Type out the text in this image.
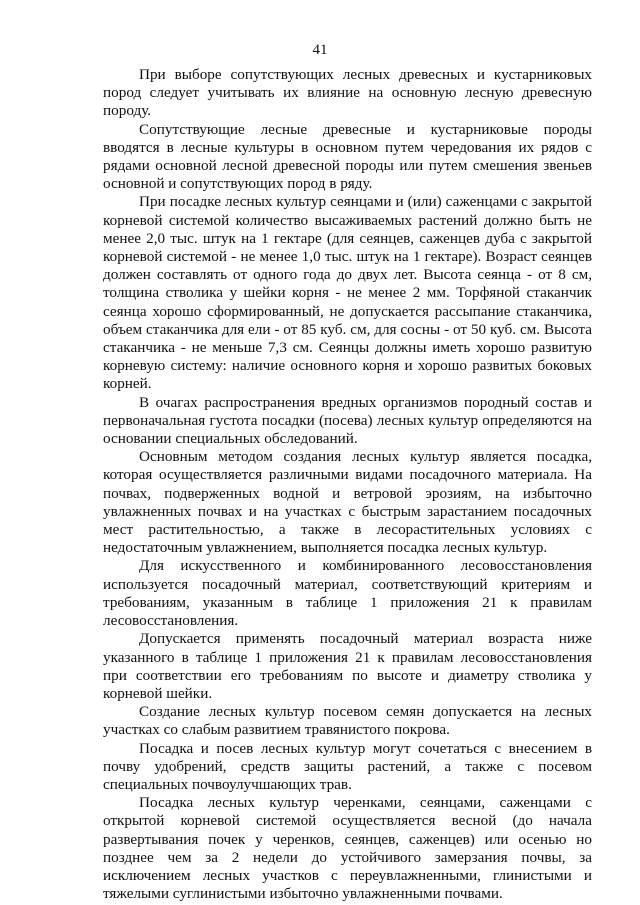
41

При выборе сопутствующих лесных древесных и кустарниковых пород следует учитывать их влияние на основную лесную древесную породу.

Сопутствующие лесные древесные и кустарниковые породы вводятся в лесные культуры в основном путем чередования их рядов с рядами основной лесной древесной породы или путем смешения звеньев основной и сопутствующих пород в ряду.

При посадке лесных культур сеянцами и (или) саженцами с закрытой корневой системой количество высаживаемых растений должно быть не менее 2,0 тыс. штук на 1 гектаре (для сеянцев, саженцев дуба с закрытой корневой системой - не менее 1,0 тыс. штук на 1 гектаре). Возраст сеянцев должен составлять от одного года до двух лет. Высота сеянца - от 8 см, толщина стволика у шейки корня - не менее 2 мм. Торфяной стаканчик сеянца хорошо сформированный, не допускается рассыпание стаканчика, объем стаканчика для ели - от 85 куб. см, для сосны - от 50 куб. см. Высота стаканчика - не меньше 7,3 см. Сеянцы должны иметь хорошо развитую корневую систему: наличие основного корня и хорошо развитых боковых корней.

В очагах распространения вредных организмов породный состав и первоначальная густота посадки (посева) лесных культур определяются на основании специальных обследований.

Основным методом создания лесных культур является посадка, которая осуществляется различными видами посадочного материала. На почвах, подверженных водной и ветровой эрозиям, на избыточно увлажненных почвах и на участках с быстрым зарастанием посадочных мест растительностью, а также в лесорастительных условиях с недостаточным увлажнением, выполняется посадка лесных культур.

Для искусственного и комбинированного лесовосстановления используется посадочный материал, соответствующий критериям и требованиям, указанным в таблице 1 приложения 21 к правилам лесовосстановления.

Допускается применять посадочный материал возраста ниже указанного в таблице 1 приложения 21 к правилам лесовосстановления при соответствии его требованиям по высоте и диаметру стволика у корневой шейки.

Создание лесных культур посевом семян допускается на лесных участках со слабым развитием травянистого покрова.

Посадка и посев лесных культур могут сочетаться с внесением в почву удобрений, средств защиты растений, а также с посевом специальных почвоулучшающих трав.

Посадка лесных культур черенками, сеянцами, саженцами с открытой корневой системой осуществляется весной (до начала развертывания почек у черенков, сеянцев, саженцев) или осенью но позднее чем за 2 недели до устойчивого замерзания почвы, за исключением лесных участков с переувлажненными, глинистыми и тяжелыми суглинистыми избыточно увлажненными почвами.
